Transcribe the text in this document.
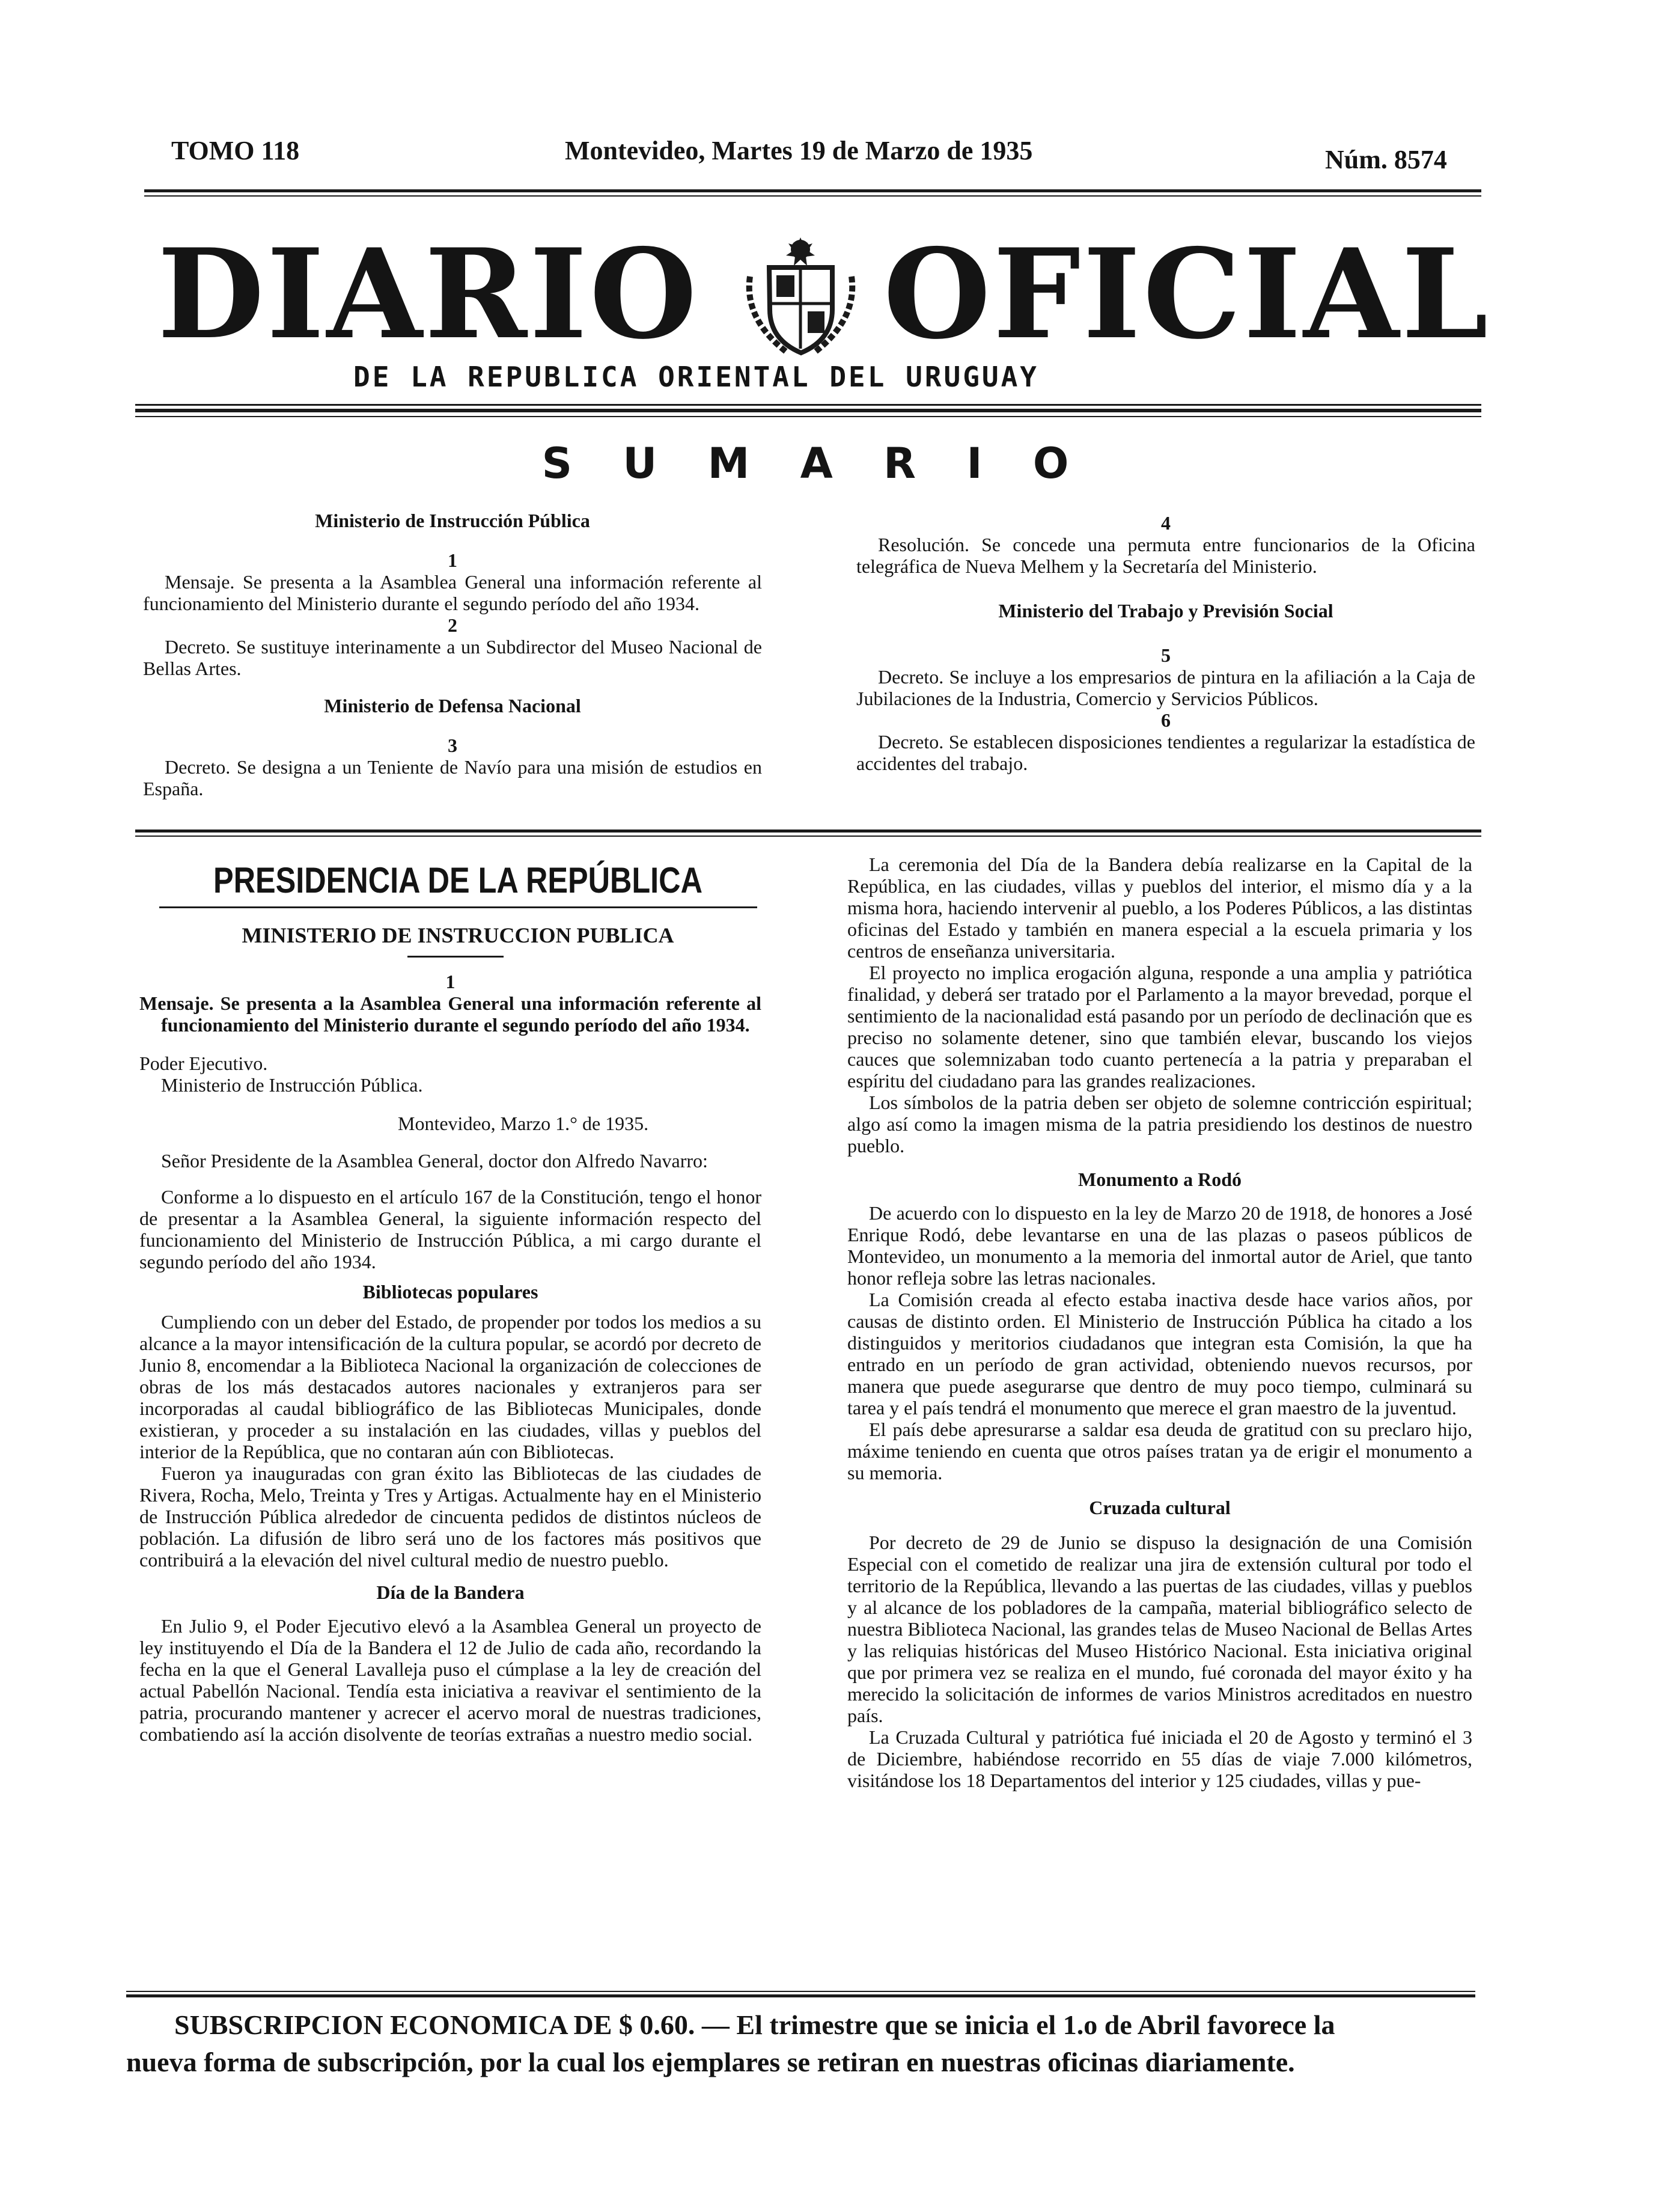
TOMO 118	Montevideo, Martes 19 de Marzo de 1935	Núm. 8574
DIARIO OFICIAL
DE LA REPUBLICA ORIENTAL DEL URUGUAY
S U M A R I O
Ministerio de Instrucción Pública
1

Mensaje. Se presenta a la Asamblea General una información referente al funcionamiento del Ministerio durante el segundo período del año 1934.

2

Decreto. Se sustituye interinamente a un Subdirector del Museo Nacional de Bellas Artes.

Ministerio de Defensa Nacional
3

Decreto. Se designa a un Teniente de Navío para una misión de estudios en España.

4

Resolución. Se concede una permuta entre funcionarios de la Oficina telegráfica de Nueva Melhem y la Secretaría del Ministerio.

Ministerio del Trabajo y Previsión Social
5

Decreto. Se incluye a los empresarios de pintura en la afiliación a la Caja de Jubilaciones de la Industria, Comercio y Servicios Públicos.

6

Decreto. Se establecen disposiciones tendientes a regularizar la estadística de accidentes del trabajo.

PRESIDENCIA DE LA REPÚBLICA
MINISTERIO DE INSTRUCCION PUBLICA
1

Mensaje. Se presenta a la Asamblea General una información referente al funcionamiento del Ministerio durante el segundo período del año 1934.

Poder Ejecutivo.

Ministerio de Instrucción Pública.

Montevideo, Marzo 1.° de 1935.

Señor Presidente de la Asamblea General, doctor don Alfredo Navarro:

Conforme a lo dispuesto en el artículo 167 de la Constitución, tengo el honor de presentar a la Asamblea General, la siguiente información respecto del funcionamiento del Ministerio de Instrucción Pública, a mi cargo durante el segundo período del año 1934.

Bibliotecas populares

Cumpliendo con un deber del Estado, de propender por todos los medios a su alcance a la mayor intensificación de la cultura popular, se acordó por decreto de Junio 8, encomendar a la Biblioteca Nacional la organización de colecciones de obras de los más destacados autores nacionales y extranjeros para ser incorporadas al caudal bibliográfico de las Bibliotecas Municipales, donde existieran, y proceder a su instalación en las ciudades, villas y pueblos del interior de la República, que no contaran aún con Bibliotecas.

Fueron ya inauguradas con gran éxito las Bibliotecas de las ciudades de Rivera, Rocha, Melo, Treinta y Tres y Artigas. Actualmente hay en el Ministerio de Instrucción Pública alrededor de cincuenta pedidos de distintos núcleos de población. La difusión de libro será uno de los factores más positivos que contribuirá a la elevación del nivel cultural medio de nuestro pueblo.

Día de la Bandera

En Julio 9, el Poder Ejecutivo elevó a la Asamblea General un proyecto de ley instituyendo el Día de la Bandera el 12 de Julio de cada año, recordando la fecha en la que el General Lavalleja puso el cúmplase a la ley de creación del actual Pabellón Nacional. Tendía esta iniciativa a reavivar el sentimiento de la patria, procurando mantener y acrecer el acervo moral de nuestras tradiciones, combatiendo así la acción disolvente de teorías extrañas a nuestro medio social.

La ceremonia del Día de la Bandera debía realizarse en la Capital de la República, en las ciudades, villas y pueblos del interior, el mismo día y a la misma hora, haciendo intervenir al pueblo, a los Poderes Públicos, a las distintas oficinas del Estado y también en manera especial a la escuela primaria y los centros de enseñanza universitaria.

El proyecto no implica erogación alguna, responde a una amplia y patriótica finalidad, y deberá ser tratado por el Parlamento a la mayor brevedad, porque el sentimiento de la nacionalidad está pasando por un período de declinación que es preciso no solamente detener, sino que también elevar, buscando los viejos cauces que solemnizaban todo cuanto pertenecía a la patria y preparaban el espíritu del ciudadano para las grandes realizaciones.

Los símbolos de la patria deben ser objeto de solemne contricción espiritual; algo así como la imagen misma de la patria presidiendo los destinos de nuestro pueblo.

Monumento a Rodó

De acuerdo con lo dispuesto en la ley de Marzo 20 de 1918, de honores a José Enrique Rodó, debe levantarse en una de las plazas o paseos públicos de Montevideo, un monumento a la memoria del inmortal autor de Ariel, que tanto honor refleja sobre las letras nacionales.

La Comisión creada al efecto estaba inactiva desde hace varios años, por causas de distinto orden. El Ministerio de Instrucción Pública ha citado a los distinguidos y meritorios ciudadanos que integran esta Comisión, la que ha entrado en un período de gran actividad, obteniendo nuevos recursos, por manera que puede asegurarse que dentro de muy poco tiempo, culminará su tarea y el país tendrá el monumento que merece el gran maestro de la juventud.

El país debe apresurarse a saldar esa deuda de gratitud con su preclaro hijo, máxime teniendo en cuenta que otros países tratan ya de erigir el monumento a su memoria.

Cruzada cultural

Por decreto de 29 de Junio se dispuso la designación de una Comisión Especial con el cometido de realizar una jira de extensión cultural por todo el territorio de la República, llevando a las puertas de las ciudades, villas y pueblos y al alcance de los pobladores de la campaña, material bibliográfico selecto de nuestra Biblioteca Nacional, las grandes telas de Museo Nacional de Bellas Artes y las reliquias históricas del Museo Histórico Nacional. Esta iniciativa original que por primera vez se realiza en el mundo, fué coronada del mayor éxito y ha merecido la solicitación de informes de varios Ministros acreditados en nuestro país.

La Cruzada Cultural y patriótica fué iniciada el 20 de Agosto y terminó el 3 de Diciembre, habiéndose recorrido en 55 días de viaje 7.000 kilómetros, visitándose los 18 Departamentos del interior y 125 ciudades, villas y pue-

SUBSCRIPCION ECONOMICA DE $ 0.60. — El trimestre que se inicia el 1.o de Abril favorece la
nueva forma de subscripción, por la cual los ejemplares se retiran en nuestras oficinas diariamente.
